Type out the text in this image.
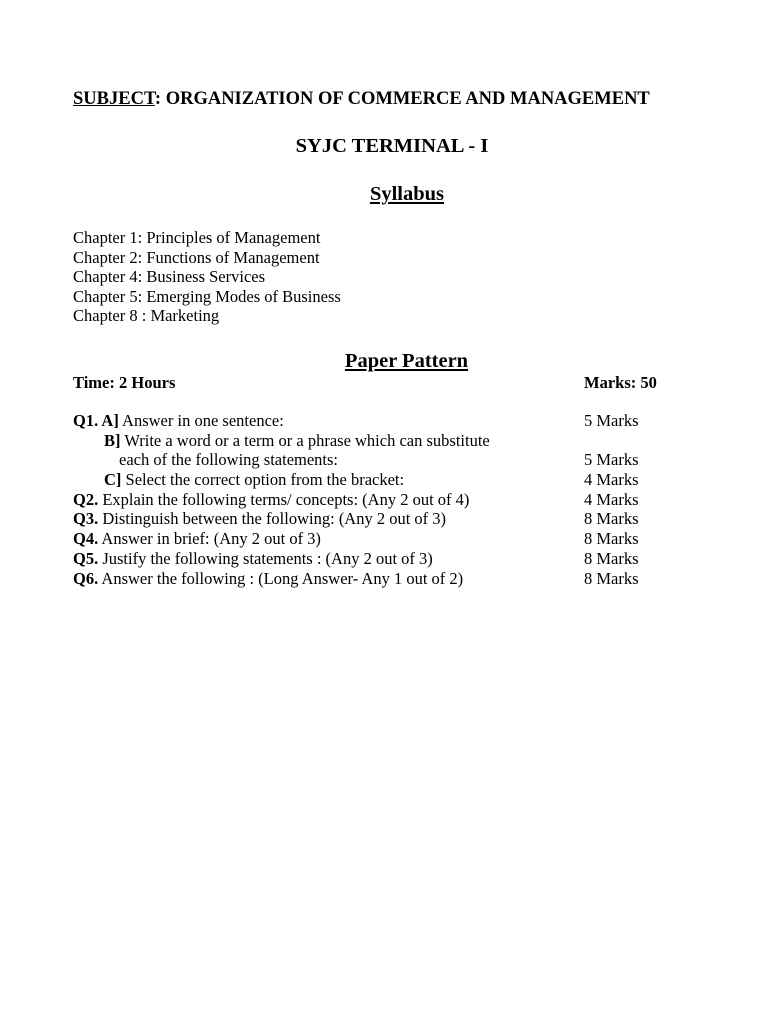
SUBJECT: ORGANIZATION OF COMMERCE AND MANAGEMENT
SYJC TERMINAL - I
Syllabus
Chapter 1: Principles of Management
Chapter 2: Functions of Management
Chapter 4: Business Services
Chapter 5: Emerging Modes of Business
Chapter 8 : Marketing
Paper Pattern
Time: 2 Hours	Marks: 50
Q1. A] Answer in one sentence:	5 Marks
B] Write a word or a term or a phrase which can substitute
each of the following statements:	5 Marks
C] Select the correct option from the bracket:	4 Marks
Q2. Explain the following terms/ concepts: (Any 2 out of 4)	4 Marks
Q3. Distinguish between the following: (Any 2 out of 3)	8 Marks
Q4. Answer in brief: (Any 2 out of 3)	8 Marks
Q5. Justify the following statements : (Any 2 out of 3)	8 Marks
Q6. Answer the following : (Long Answer- Any 1 out of 2)	8 Marks
